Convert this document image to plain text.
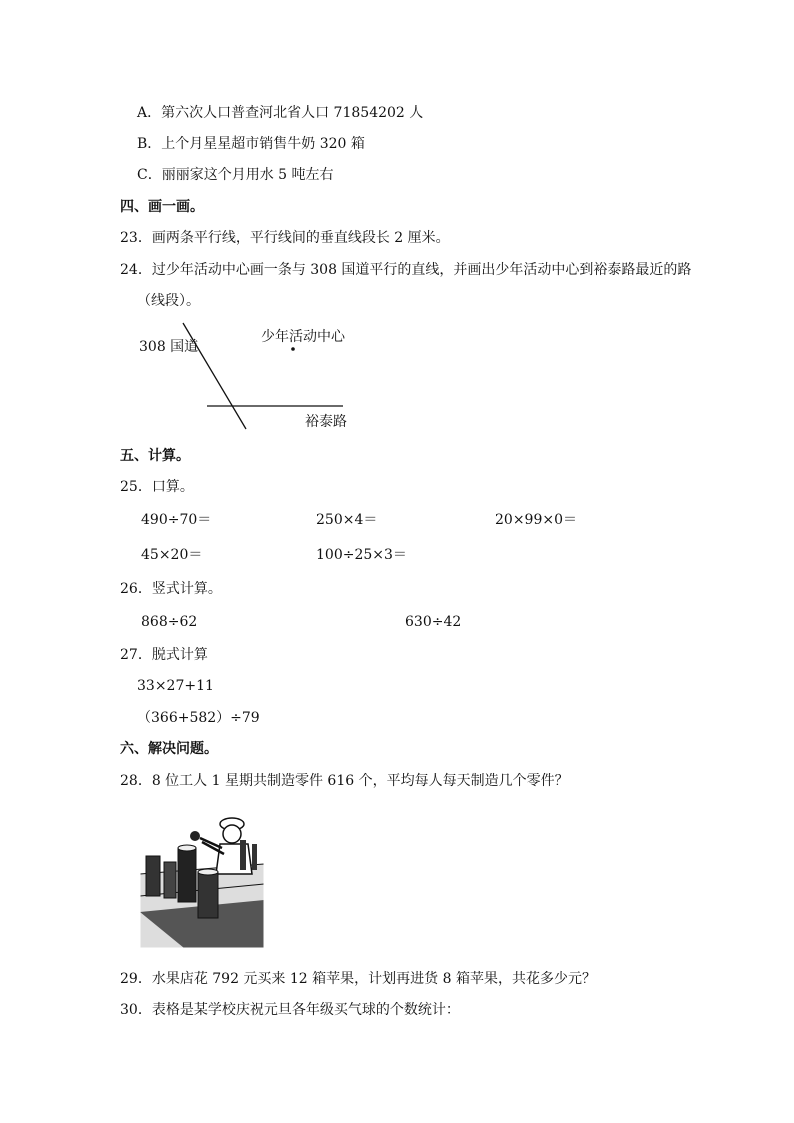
A．第六次人口普查河北省人口 71854202 人
B．上个月星星超市销售牛奶 320 箱
C．丽丽家这个月用水 5 吨左右
四、画一画。
23．画两条平行线，平行线间的垂直线段长 2 厘米。
24．过少年活动中心画一条与 308 国道平行的直线，并画出少年活动中心到裕泰路最近的路
（线段）。
308 国道
少年活动中心
裕泰路
五、计算。
25．口算。
490÷70＝	250×4＝	20×99×0＝
45×20＝	100÷25×3＝
26．竖式计算。
868÷62	630÷42
27．脱式计算
33×27+11
（366+582）÷79
六、解决问题。
28．8 位工人 1 星期共制造零件 616 个，平均每人每天制造几个零件？
29．水果店花 792 元买来 12 箱苹果，计划再进货 8 箱苹果，共花多少元？
30．表格是某学校庆祝元旦各年级买气球的个数统计：
